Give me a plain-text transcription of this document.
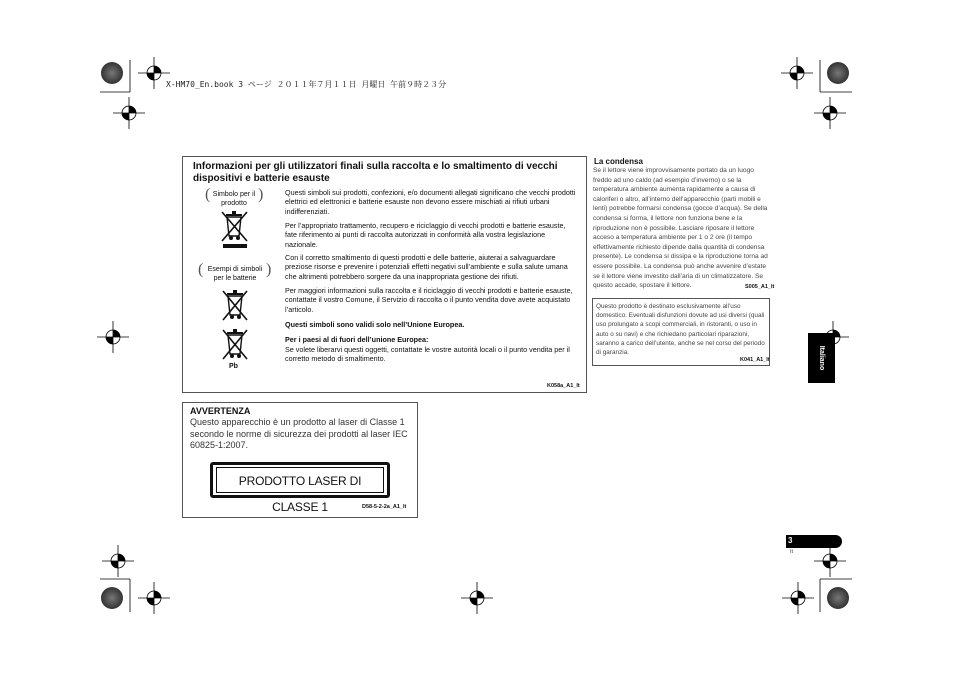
X-HM70_En.book 3 ページ ２０１１年７月１１日 月曜日 午前９時２３分
Informazioni per gli utilizzatori finali sulla raccolta e lo smaltimento di vecchi dispositivi e batterie esauste
( Simbolo per il prodotto
)
( Esempi di simboli per le batterie
)
Pb
Questi simboli sui prodotti, confezioni, e/o documenti allegati significano che vecchi prodotti elettrici ed elettronici e batterie esauste non devono essere mischiati ai rifiuti urbani indifferenziati.
Per l’appropriato trattamento, recupero e riciclaggio di vecchi prodotti e batterie esauste, fate riferimento ai punti di raccolta autorizzati in conformità alla vostra legislazione nazionale.
Con il corretto smaltimento di questi prodotti e delle batterie, aiuterai a salvaguardare preziose risorse e prevenire i potenziali effetti negativi sull’ambiente e sulla salute umana che altrimenti potrebbero sorgere da una inappropriata gestione dei rifiuti.
Per maggiori informazioni sulla raccolta e il riciclaggio di vecchi prodotti e batterie esauste, contattate il vostro Comune, il Servizio di raccolta o il punto vendita dove avete acquistato l’articolo.
Questi simboli sono validi solo nell’Unione Europea.
Per i paesi al di fuori dell’unione Europea:
Se volete liberarvi questi oggetti, contattate le vostre autorità locali o il punto vendita per il corretto metodo di smaltimento.
K058a_A1_It
AVVERTENZA
Questo apparecchio è un prodotto al laser di Classe 1 secondo le norme di sicurezza dei prodotti al laser IEC 60825-1:2007.
PRODOTTO LASER DI CLASSE 1	D58-5-2-2a_A1_It
La condensa
Se il lettore viene improvvisamente portato da un luogo freddo ad uno caldo (ad esempio d’inverno) o se la temperatura ambiente aumenta rapidamente a causa di caloriferi o altro, all’interno dell’apparecchio (parti mobili e lenti) potrebbe formarsi condensa (gocce d’acqua). Se della condensa si forma, il lettore non funziona bene e la riproduzione non è possibile. Lasciare riposare il lettore acceso a temperatura ambiente per 1 o 2 ore (il tempo effettivamente richiesto dipende dalla quantità di condensa presente). Le condensa si dissipa e la riproduzione torna ad essere possibile. La condensa può anche avvenire d’estate se il lettore viene investito dall’aria di un climatizzatore. Se questo accade, spostare il lettore.	S005_A1_It
Questo prodotto è destinato esclusivamente all’uso domestico. Eventuali disfunzioni dovute ad usi diversi (quali uso prolungato a scopi commerciali, in ristoranti, o uso in auto o su navi) e che richiedano particolari riparazioni, saranno a carico dell’utente, anche se nel corso del periodo di garanzia.
K041_A1_It	Italiano
3
It
